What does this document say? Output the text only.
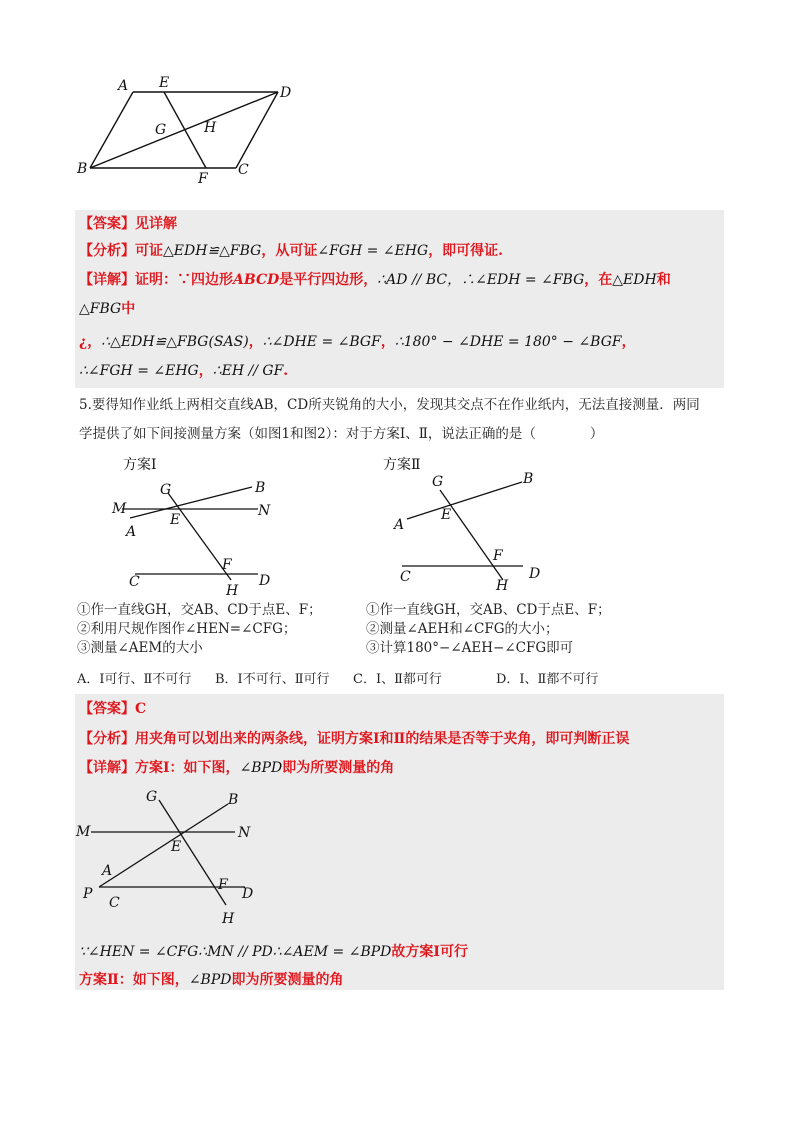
A E
D
G	H
B
F
C
【答案】见详解
【分析】可证△EDH≌△FBG，从可证∠FGH = ∠EHG，即可得证.
【详解】证明：∵四边形ABCD是平行四边形，∴AD // BC，∴∠EDH = ∠FBG，在△EDH和
△FBG中
¿，∴△EDH≌△FBG(SAS)，∴∠DHE = ∠BGF，∴180° − ∠DHE = 180° − ∠BGF，
∴∠FGH = ∠EHG，∴EH // GF.
5.要得知作业纸上两相交直线AB，CD所夹锐角的大小，发现其交点不在作业纸内，无法直接测量．两同
学提供了如下间接测量方案（如图1和图2）：对于方案Ⅰ、Ⅱ，说法正确的是（　　　　）
方案Ⅰ
G	B
M
E
N
A
F
C
H
D
方案Ⅱ
G	B
E
A
F
C
H
D
①作一直线GH，交AB、CD于点E、F；
②利用尺规作图作∠HEN=∠CFG；
③测量∠AEM的大小
①作一直线GH，交AB、CD于点E、F；
②测量∠AEH和∠CFG的大小；
③计算180°−∠AEH−∠CFG即可
A．Ⅰ可行、Ⅱ不可行 B．Ⅰ不可行、Ⅱ可行 C．Ⅰ、Ⅱ都可行	D．Ⅰ、Ⅱ都不可行
【答案】C
【分析】用夹角可以划出来的两条线，证明方案Ⅰ和Ⅱ的结果是否等于夹角，即可判断正误
【详解】方案Ⅰ：如下图，∠BPD即为所要测量的角
G	B
M	N
E
A
P
C
F
D
H
∵∠HEN = ∠CFG∴MN // PD∴∠AEM = ∠BPD故方案Ⅰ可行
方案Ⅱ：如下图，∠BPD即为所要测量的角
